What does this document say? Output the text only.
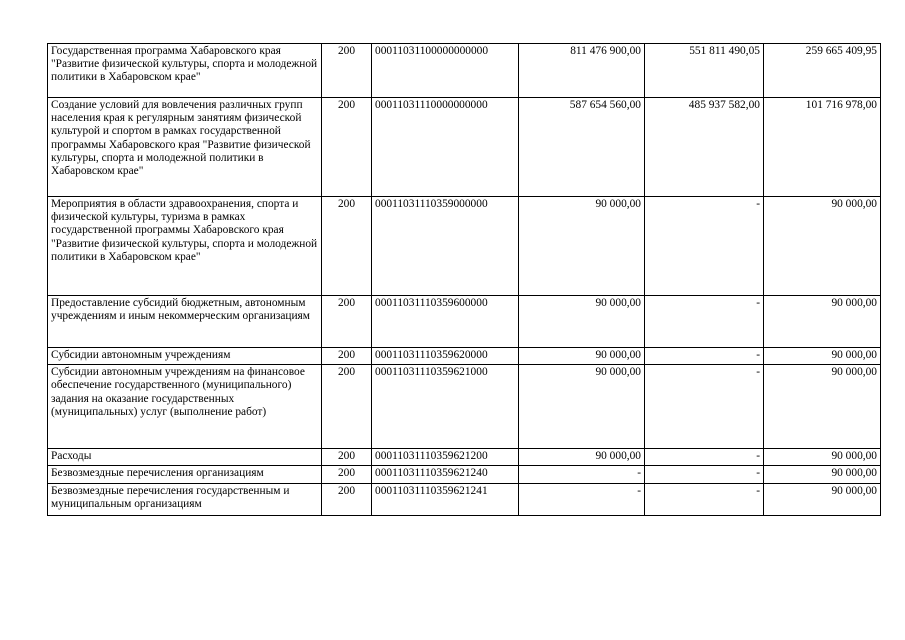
Государственная программа Хабаровского края "Развитие физической культуры, спорта и молодежной политики в Хабаровском крае"	200	00011031100000000000	811 476 900,00	551 811 490,05	259 665 409,95
Создание условий для вовлечения различных групп населения края к регулярным занятиям физической культурой и спортом в рамках государственной программы Хабаровского края "Развитие физической культуры, спорта и молодежной политики в Хабаровском крае"	200	00011031110000000000	587 654 560,00	485 937 582,00	101 716 978,00
Мероприятия в области здравоохранения, спорта и физической культуры, туризма в рамках государственной программы Хабаровского края "Развитие физической культуры, спорта и молодежной политики в Хабаровском крае"	200	00011031110359000000	90 000,00	-	90 000,00
Предоставление субсидий бюджетным, автономным учреждениям и иным некоммерческим организациям	200	00011031110359600000	90 000,00	-	90 000,00
Субсидии автономным учреждениям	200	00011031110359620000	90 000,00	-	90 000,00
Субсидии автономным учреждениям на финансовое обеспечение государственного (муниципального) задания на оказание государственных (муниципальных) услуг (выполнение работ)	200	00011031110359621000	90 000,00	-	90 000,00
Расходы	200	00011031110359621200	90 000,00	-	90 000,00
Безвозмездные перечисления организациям	200	00011031110359621240	-	-	90 000,00
Безвозмездные перечисления государственным и муниципальным организациям	200	00011031110359621241	-	-	90 000,00
